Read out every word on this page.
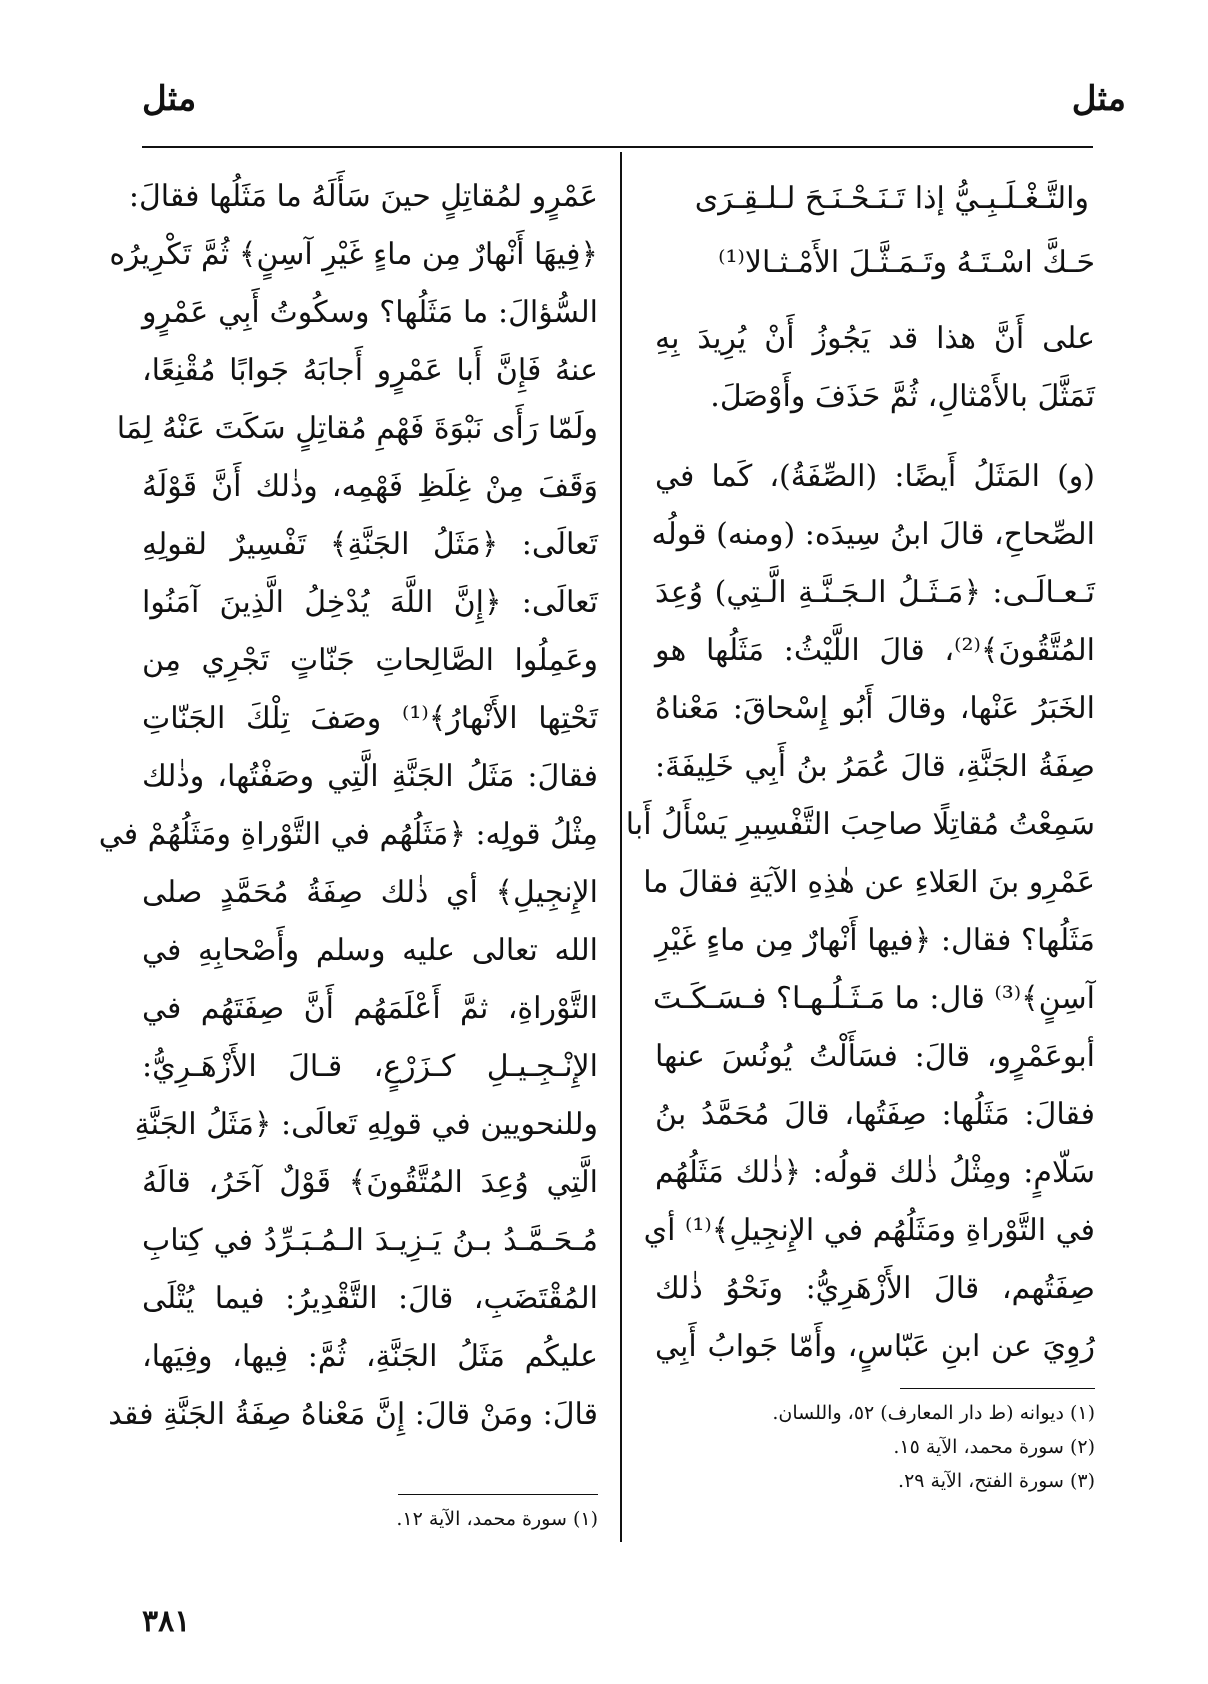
مثل
مثل
والتَّـغْـلَـبِـيُّ إذا تَـنَـحْـنَـحَ لـلـقِـرَى
حَـكَّ اسْـتَـهُ وتَـمَـثَّـلَ الأَمْـثـالا⁽¹⁾
على أَنَّ هذا قد يَجُوزُ أَنْ يُرِيدَ بِهِ
تَمَثَّلَ بالأَمْثالِ، ثُمَّ حَذَفَ وأَوْصَلَ.
(و) المَثَلُ أَيضًا: (الصِّفَةُ)، كَما في
الصِّحاحِ، قالَ ابنُ سِيدَه: (ومنه) قولُه
تَـعـالَـى: ﴿مَـثَـلُ الـجَـنَّـةِ الَّـتِي) وُعِدَ
المُتَّقُونَ﴾⁽²⁾، قالَ اللَّيْثُ: مَثَلُها هو
الخَبَرُ عَنْها، وقالَ أَبُو إِسْحاقَ: مَعْناهُ
صِفَةُ الجَنَّةِ، قالَ عُمَرُ بنُ أَبِي خَلِيفَةَ:
سَمِعْتُ مُقاتِلًا صاحِبَ التَّفْسِيرِ يَسْأَلُ أَبا
عَمْرِو بنَ العَلاءِ عن هٰذِهِ الآيَةِ فقالَ ما
مَثَلُها؟ فقال: ﴿فيها أَنْهارٌ مِن ماءٍ غَيْرِ
آسِنٍ﴾⁽³⁾ قال: ما مَـثَـلُـهـا؟ فـسَـكَـتَ
أبوعَمْرٍو، قالَ: فسَأَلْتُ يُونُسَ عنها
فقالَ: مَثَلُها: صِفَتُها، قالَ مُحَمَّدُ بنُ
سَلّامٍ: ومِثْلُ ذٰلك قولُه: ﴿ذٰلك مَثَلُهُم
في التَّوْراةِ ومَثَلُهُم في الإِنجِيلِ﴾⁽¹⁾ أي
صِفَتُهم، قالَ الأَزْهَرِيُّ: ونَحْوُ ذٰلك
رُوِيَ عن ابنِ عَبّاسٍ، وأَمّا جَوابُ أَبِي
عَمْرٍو لمُقاتِلٍ حينَ سَأَلَهُ ما مَثَلُها فقالَ:
﴿فِيهَا أَنْهارٌ مِن ماءٍ غَيْرِ آسِنٍ﴾ ثُمَّ تَكْرِيرُه
السُّؤالَ: ما مَثَلُها؟ وسكُوتُ أَبِي عَمْرٍو
عنهُ فَإِنَّ أَبا عَمْرٍو أَجابَهُ جَوابًا مُقْنِعًا،
ولَمّا رَأَى نَبْوَةَ فَهْمِ مُقاتِلٍ سَكَتَ عَنْهُ لِمَا
وَقَفَ مِنْ غِلَظِ فَهْمِه، وذٰلك أَنَّ قَوْلَهُ
تَعالَى: ﴿مَثَلُ الجَنَّةِ﴾ تَفْسِيرٌ لقولِهِ
تَعالَى: ﴿إِنَّ اللَّهَ يُدْخِلُ الَّذِينَ آمَنُوا
وعَمِلُوا الصَّالِحاتِ جَنّاتٍ تَجْرِي مِن
تَحْتِها الأَنْهارُ﴾⁽¹⁾ وصَفَ تِلْكَ الجَنّاتِ
فقالَ: مَثَلُ الجَنَّةِ الَّتِي وصَفْتُها، وذٰلك
مِثْلُ قولِه: ﴿مَثَلُهُم في التَّوْراةِ ومَثَلُهُمْ في
الإِنجِيلِ﴾ أي ذٰلك صِفَةُ مُحَمَّدٍ صلى
الله تعالى عليه وسلم وأَصْحابِهِ في
التَّوْراةِ، ثمَّ أَعْلَمَهُم أَنَّ صِفَتَهُم في
الإِنْـجِـيـلِ كـزَرْعٍ، قـالَ الأَزْهَـرِيُّ:
وللنحويين في قولِهِ تَعالَى: ﴿مَثَلُ الجَنَّةِ
الَّتِي وُعِدَ المُتَّقُونَ﴾ قَوْلٌ آخَرُ، قالَهُ
مُـحَـمَّـدُ بـنُ يَـزِيـدَ الـمُـبَـرِّدُ في كِتابِ
المُقْتَضَبِ، قالَ: التَّقْدِيرُ: فيما يُتْلَى
عليكُم مَثَلُ الجَنَّةِ، ثُمَّ: فِيها، وفِيَها،
قالَ: ومَنْ قالَ: إِنَّ مَعْناهُ صِفَةُ الجَنَّةِ فقد	(١) ديوانه (ط دار المعارف) ٥٢، واللسان.
(٢) سورة محمد، الآية ١٥.
(٣) سورة الفتح، الآية ٢٩.
(١) سورة محمد، الآية ١٢.
٣٨١
